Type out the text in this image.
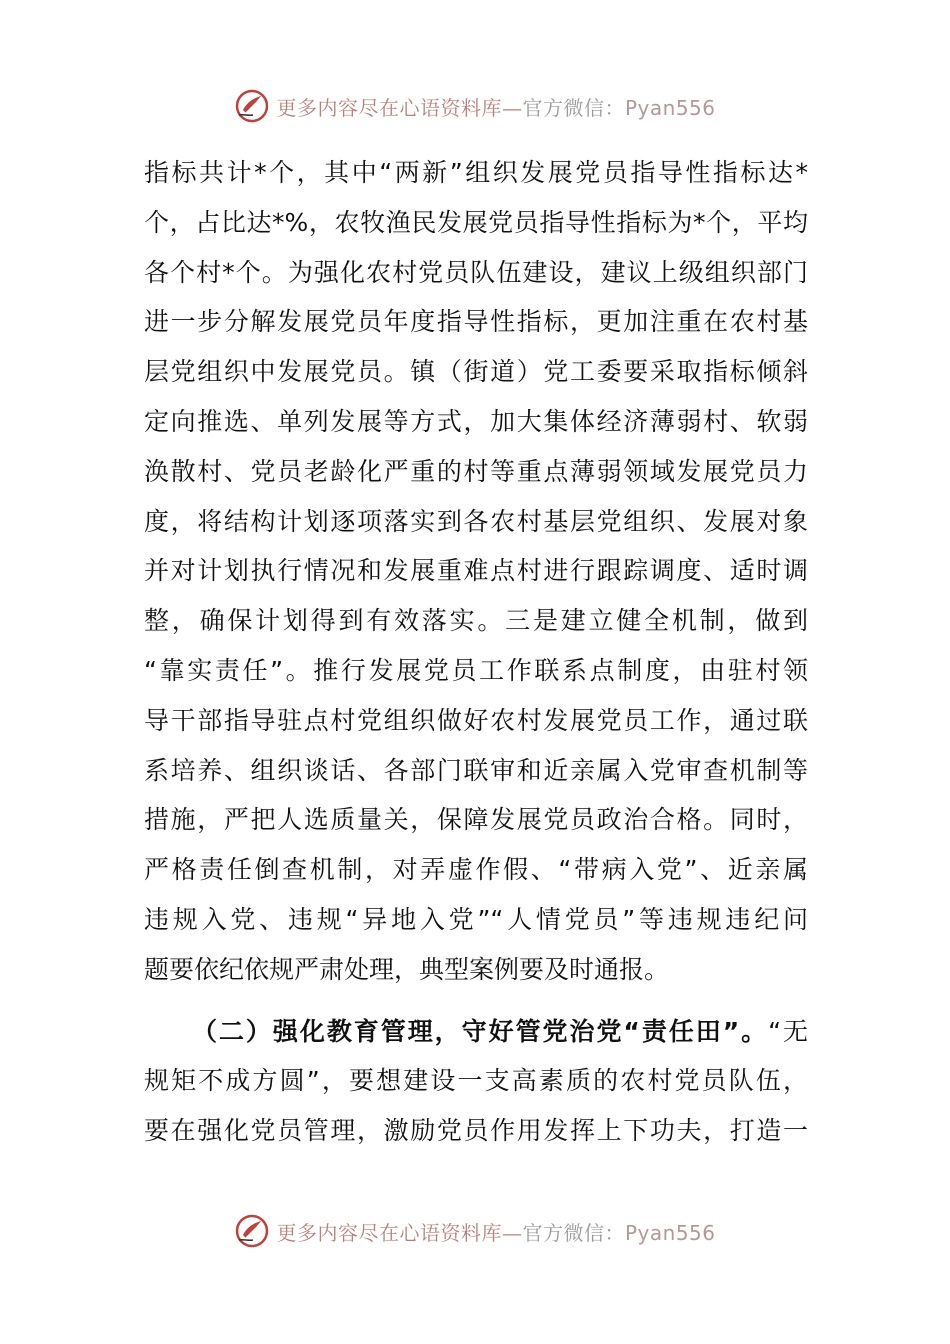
更多内容尽在心语资料库—官方微信：Pyan556
指标共计*个，其中“两新”组织发展党员指导性指标达*
个，占比达*%，农牧渔民发展党员指导性指标为*个，平均
各个村*个。为强化农村党员队伍建设，建议上级组织部门
进一步分解发展党员年度指导性指标，更加注重在农村基
层党组织中发展党员。镇（街道）党工委要采取指标倾斜
定向推选、单列发展等方式，加大集体经济薄弱村、软弱
涣散村、党员老龄化严重的村等重点薄弱领域发展党员力
度，将结构计划逐项落实到各农村基层党组织、发展对象
并对计划执行情况和发展重难点村进行跟踪调度、适时调
整，确保计划得到有效落实。三是建立健全机制，做到
“靠实责任”。推行发展党员工作联系点制度，由驻村领
导干部指导驻点村党组织做好农村发展党员工作，通过联
系培养、组织谈话、各部门联审和近亲属入党审查机制等
措施，严把人选质量关，保障发展党员政治合格。同时，
严格责任倒查机制，对弄虚作假、“带病入党”、近亲属
违规入党、违规“异地入党”“人情党员”等违规违纪问
题要依纪依规严肃处理，典型案例要及时通报。
（二）强化教育管理，守好管党治党“责任田”。“无
规矩不成方圆”，要想建设一支高素质的农村党员队伍，
要在强化党员管理，激励党员作用发挥上下功夫，打造一
更多内容尽在心语资料库—官方微信：Pyan556
